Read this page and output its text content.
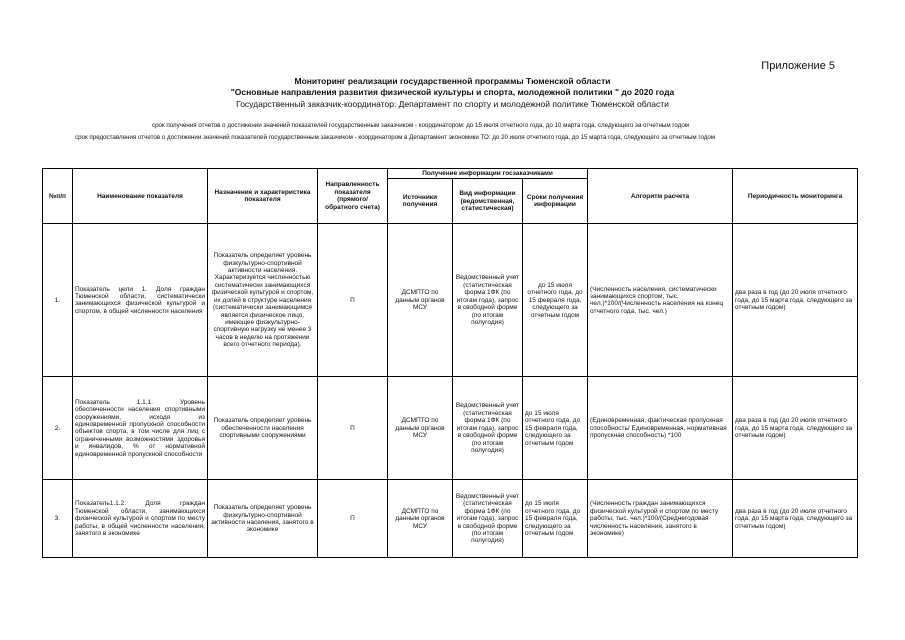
Приложение 5
Мониторинг реализации государственной программы Тюменской области
"Основные направления развития физической культуры и спорта, молодежной политики " до 2020 года
Государственный заказчик-координатор: Департамент по спорту и молодежной политике Тюменской области
срок получения отчетов о достижении значений показателей государственным заказчиком - координатором: до 15 июля отчетного года, до 10 марта года, следующего за отчетным годом
срок предоставления отчетов о достижении значений показателей государственным заказчиком - координатором в Департамент экономики ТО: до 20 июля отчетного года, до 15 марта года, следующего за отчетным годом
№п/п	Наименование показателя	Назначение и характеристика показателя	Направленность показателя (прямого/ обратного счета)	Получение информации госзаказчиками			Алгоритм расчета	Периодичность мониторинга
				Источники получения	Вид информации (ведомственная, статистическая)	Сроки получения информации		
1.	Показатель цели 1. Доля граждан Тюменской области, систематически занимающихся физической культурой и спортом, в общей численности населения	Показатель определяет уровень физкультурно-спортивной активности населения. Характеризуется численностью систематически занимающихся физической культурой и спортом, их долей в структуре населения (систематически занимающимся является физическое лицо, имеющее физкультурно-спортивную нагрузку не менее 3 часов в неделю на протяжении всего отчетного периода).	П	ДСМПТО по данным органов МСУ	Ведомственный учет (статистическая форма 1ФК (по итогам года), запрос в свободной форме (по итогам полугодия)	до 15 июля отчетного года, до 15 февраля года, следующего за отчетным годом	(Численность населения, систематически занимающихся спортом, тыс. чел.)*100/(Численность населения на конец отчетного года, тыс. чел.)	два раза в год (до 20 июля отчетного года, до 15 марта года, следующего за отчетным годом)
2.	Показатель 1.1.1. Уровень обеспеченности населения спортивными сооружениями, исходя из единовременной пропускной способности объектов спорта, в том числе для лиц с ограниченными возможностями здоровья и инвалидов, % от нормативной единовременной пропускной способности	Показатель определяет уровень обеспеченности населения спортивными сооружениями	П	ДСМПТО по данным органов МСУ	Ведомственный учет (статистическая форма 1ФК (по итогам года), запрос в свободной форме (по итогам полугодия)	до 15 июля отчетного года, до 15 февраля года, следующего за отчетным годом	(Единовременная, фактическая пропускная способность/ Единовременная, нормативная пропускная способность) *100	два раза в год (до 20 июля отчетного года, до 15 марта года, следующего за отчетным годом)
3.	Показатель1.1.2. Доля граждан Тюменской области, занимающихся физической культурой и спортом по месту работы, в общей численности населения, занятого в экономике	Показатель определяет уровень физкультурно-спортивной активности населения, занятого в экономике	П	ДСМПТО по данным органов МСУ	Ведомственный учет (статистическая форма 1ФК (по итогам года), запрос в свободной форме (по итогам полугодия)	до 15 июля отчетного года, до 15 февраля года, следующего за отчетным годом	(Численность граждан занимающихся физической культурой и спортом по месту работы, тыс. чел.)*100/(Среднегодовая численность населения, занятого в экономике)	два раза в год (до 20 июля отчетного года, до 15 марта года, следующего за отчетным годом)
